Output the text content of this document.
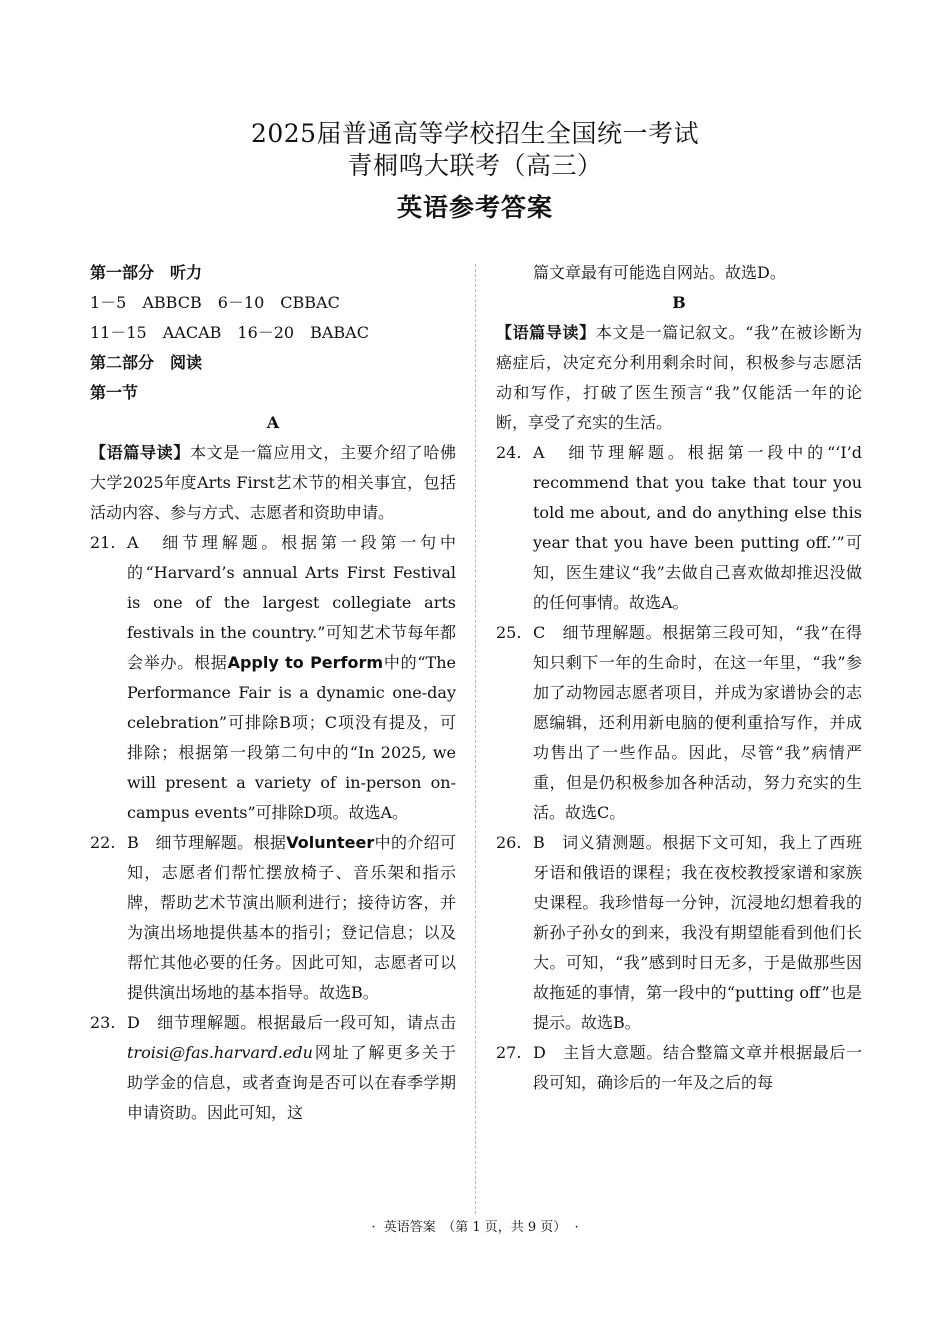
2025届普通高等学校招生全国统一考试
青桐鸣大联考（高三）
英语参考答案
第一部分　听力
1－5　ABBCB　6－10　CBBAC
11－15　AACAB　16－20　BABAC
第二部分　阅读
第一节
A
【语篇导读】本文是一篇应用文，主要介绍了哈佛大学2025年度Arts First艺术节的相关事宜，包括活动内容、参与方式、志愿者和资助申请。
21. A　细节理解题。根据第一段第一句中的“Harvard’s annual Arts First Festival is one of the largest collegiate arts festivals in the country.”可知艺术节每年都会举办。根据Apply to Perform中的“The Performance Fair is a dynamic one-day celebration”可排除B项；C项没有提及，可排除；根据第一段第二句中的“In 2025, we will present a variety of in-person on-campus events”可排除D项。故选A。
22. B　细节理解题。根据Volunteer中的介绍可知，志愿者们帮忙摆放椅子、音乐架和指示牌，帮助艺术节演出顺利进行；接待访客，并为演出场地提供基本的指引；登记信息；以及帮忙其他必要的任务。因此可知，志愿者可以提供演出场地的基本指导。故选B。
23. D　细节理解题。根据最后一段可知，请点击troisi@fas.harvard.edu网址了解更多关于助学金的信息，或者查询是否可以在春季学期申请资助。因此可知，这
篇文章最有可能选自网站。故选D。
B
【语篇导读】本文是一篇记叙文。“我”在被诊断为癌症后，决定充分利用剩余时间，积极参与志愿活动和写作，打破了医生预言“我”仅能活一年的论断，享受了充实的生活。
24. A　细节理解题。根据第一段中的“‘I’d recommend that you take that tour you told me about, and do anything else this year that you have been putting off.’”可知，医生建议“我”去做自己喜欢做却推迟没做的任何事情。故选A。
25. C　细节理解题。根据第三段可知，“我”在得知只剩下一年的生命时，在这一年里，“我”参加了动物园志愿者项目，并成为家谱协会的志愿编辑，还利用新电脑的便利重拾写作，并成功售出了一些作品。因此，尽管“我”病情严重，但是仍积极参加各种活动，努力充实的生活。故选C。
26. B　词义猜测题。根据下文可知，我上了西班牙语和俄语的课程；我在夜校教授家谱和家族史课程。我珍惜每一分钟，沉浸地幻想着我的新孙子孙女的到来，我没有期望能看到他们长大。可知，“我”感到时日无多，于是做那些因故拖延的事情，第一段中的“putting off”也是提示。故选B。
27. D　主旨大意题。结合整篇文章并根据最后一段可知，确诊后的一年及之后的每
·  英语答案　（第 1 页，共 9 页）  ·
